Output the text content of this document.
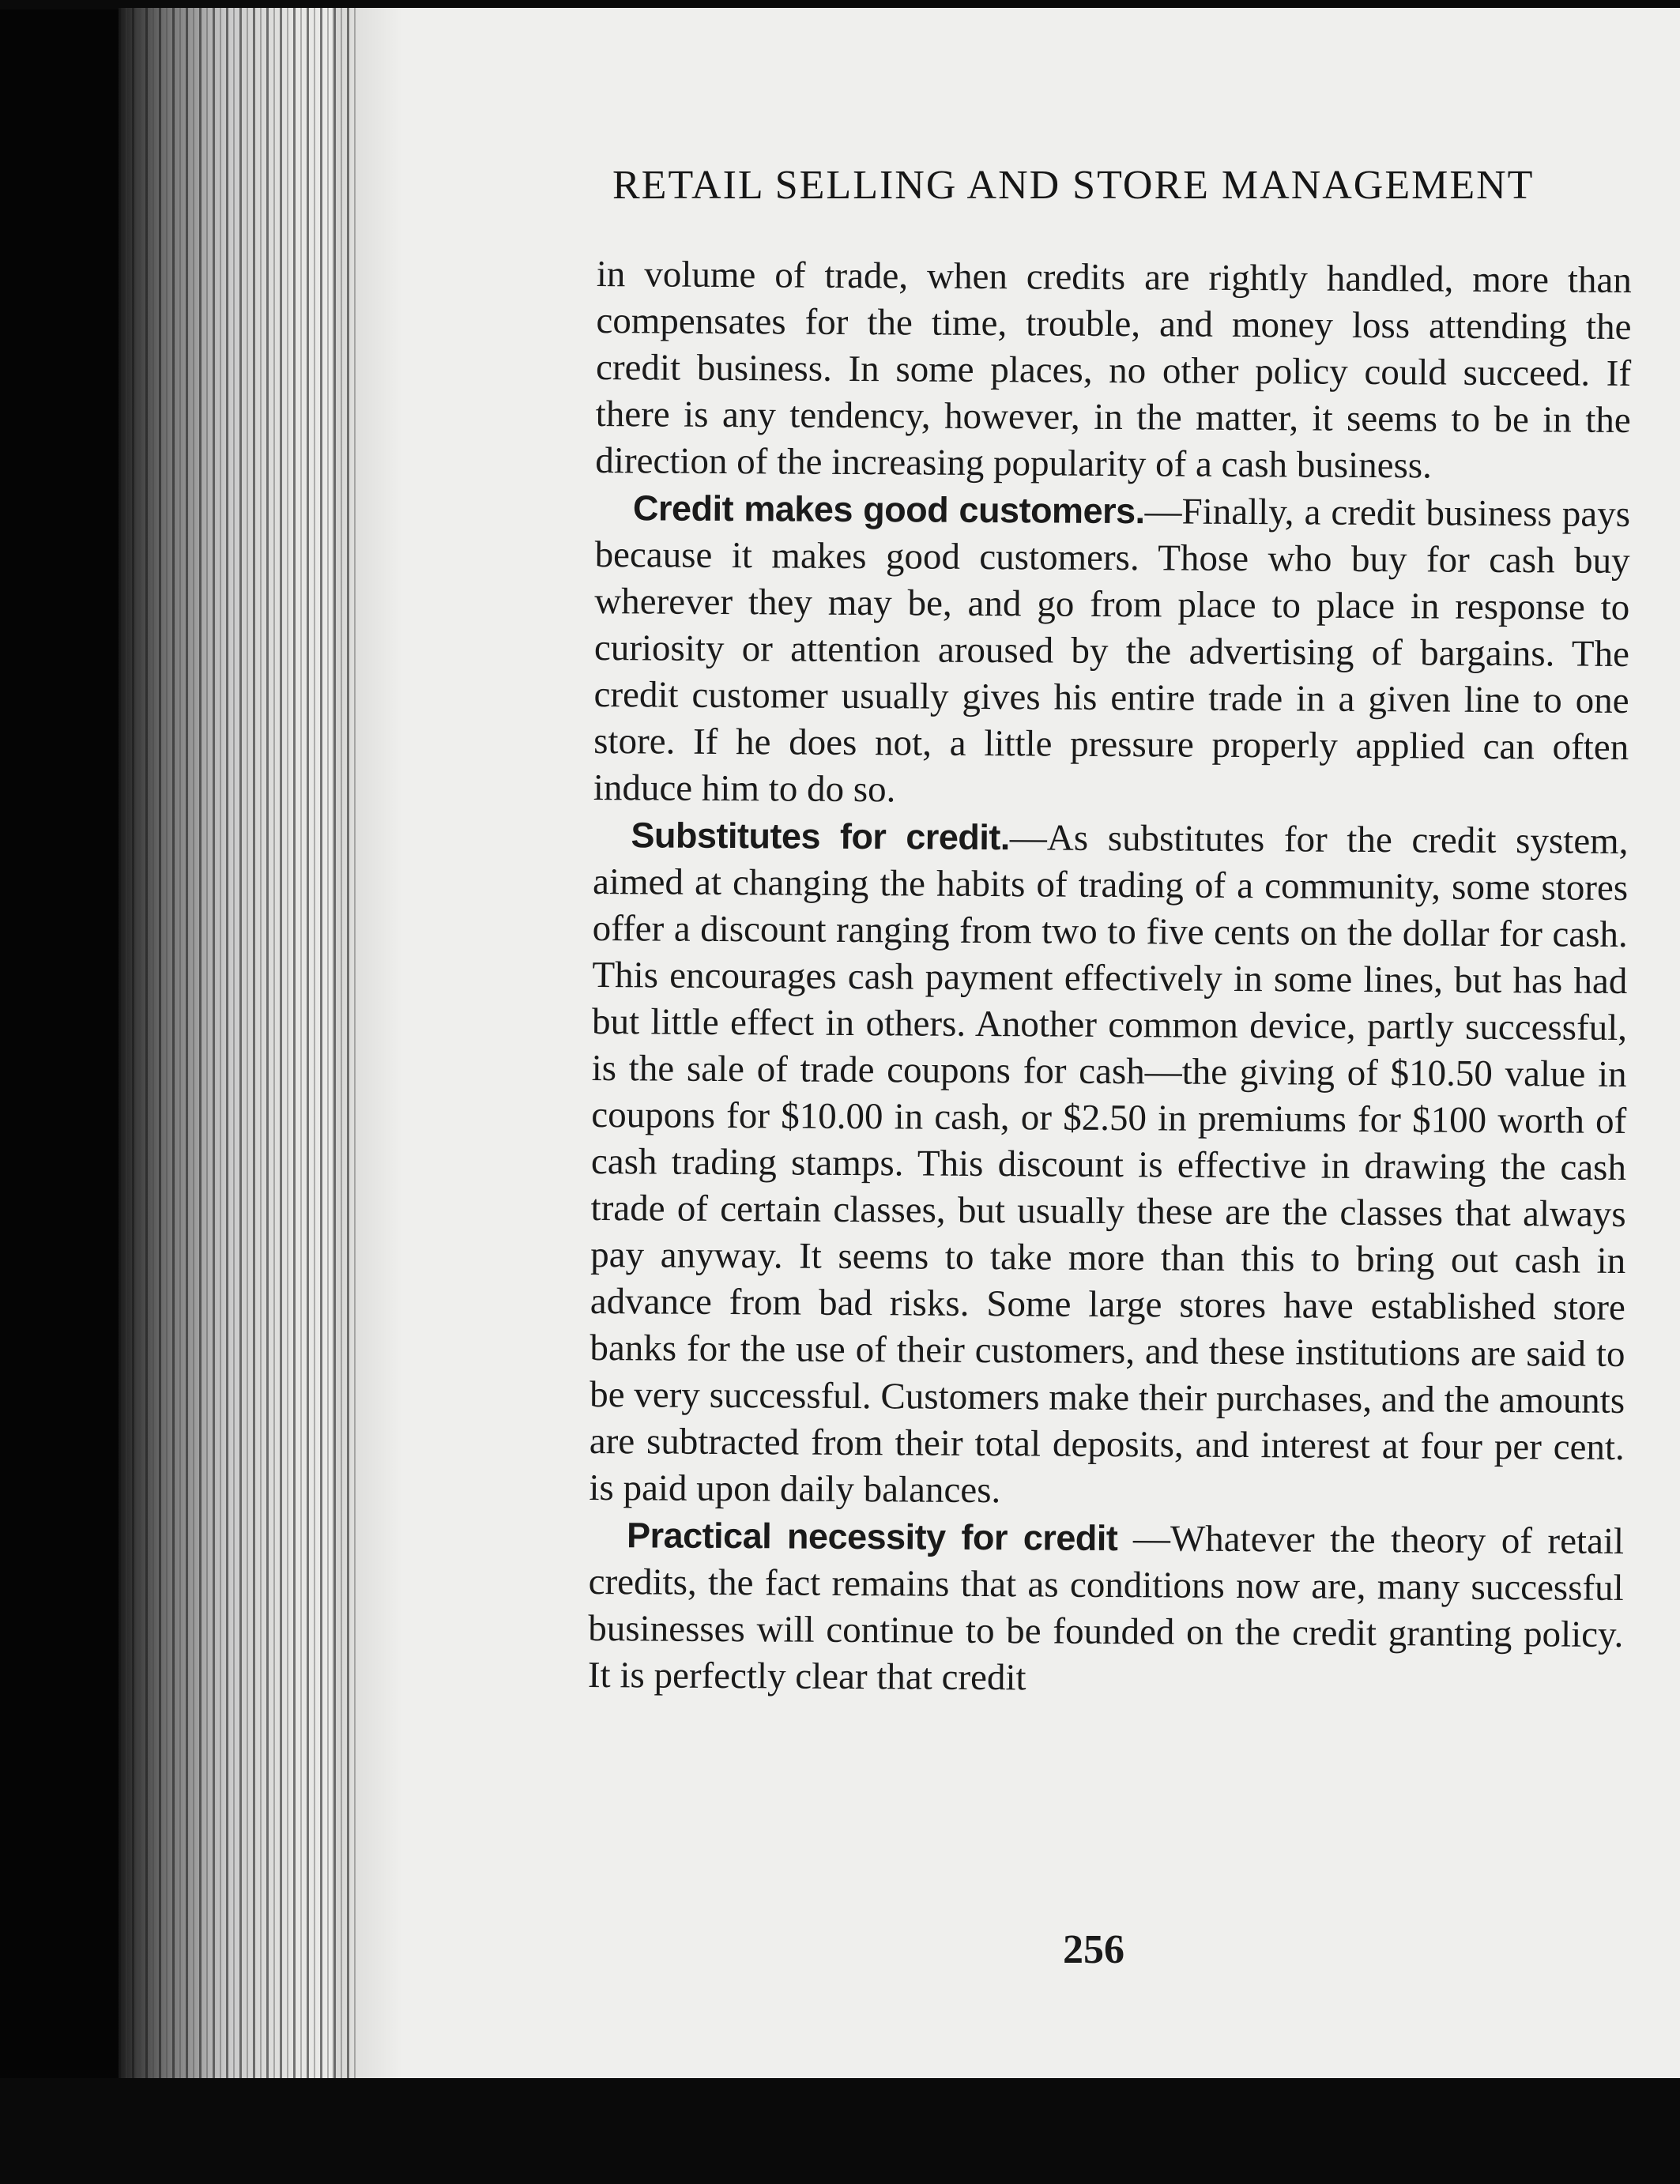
RETAIL SELLING AND STORE MANAGEMENT

in volume of trade, when credits are rightly handled, more than compensates for the time, trouble, and money loss attending the credit business. In some places, no other policy could succeed. If there is any tendency, however, in the matter, it seems to be in the direction of the increasing popularity of a cash business.

Credit makes good customers.—Finally, a credit business pays because it makes good customers. Those who buy for cash buy wherever they may be, and go from place to place in response to curiosity or attention aroused by the advertising of bargains. The credit customer usually gives his entire trade in a given line to one store. If he does not, a little pressure properly applied can often induce him to do so.

Substitutes for credit.—As substitutes for the credit system, aimed at changing the habits of trading of a community, some stores offer a discount ranging from two to five cents on the dollar for cash. This encourages cash payment effectively in some lines, but has had but little effect in others. Another common device, partly successful, is the sale of trade coupons for cash—the giving of $10.50 value in coupons for $10.00 in cash, or $2.50 in premiums for $100 worth of cash trading stamps. This discount is effective in drawing the cash trade of certain classes, but usually these are the classes that always pay anyway. It seems to take more than this to bring out cash in advance from bad risks. Some large stores have established store banks for the use of their customers, and these institutions are said to be very successful. Customers make their purchases, and the amounts are subtracted from their total deposits, and interest at four per cent. is paid upon daily balances.

Practical necessity for credit —Whatever the theory of retail credits, the fact remains that as conditions now are, many successful businesses will continue to be founded on the credit granting policy. It is perfectly clear that credit

256
